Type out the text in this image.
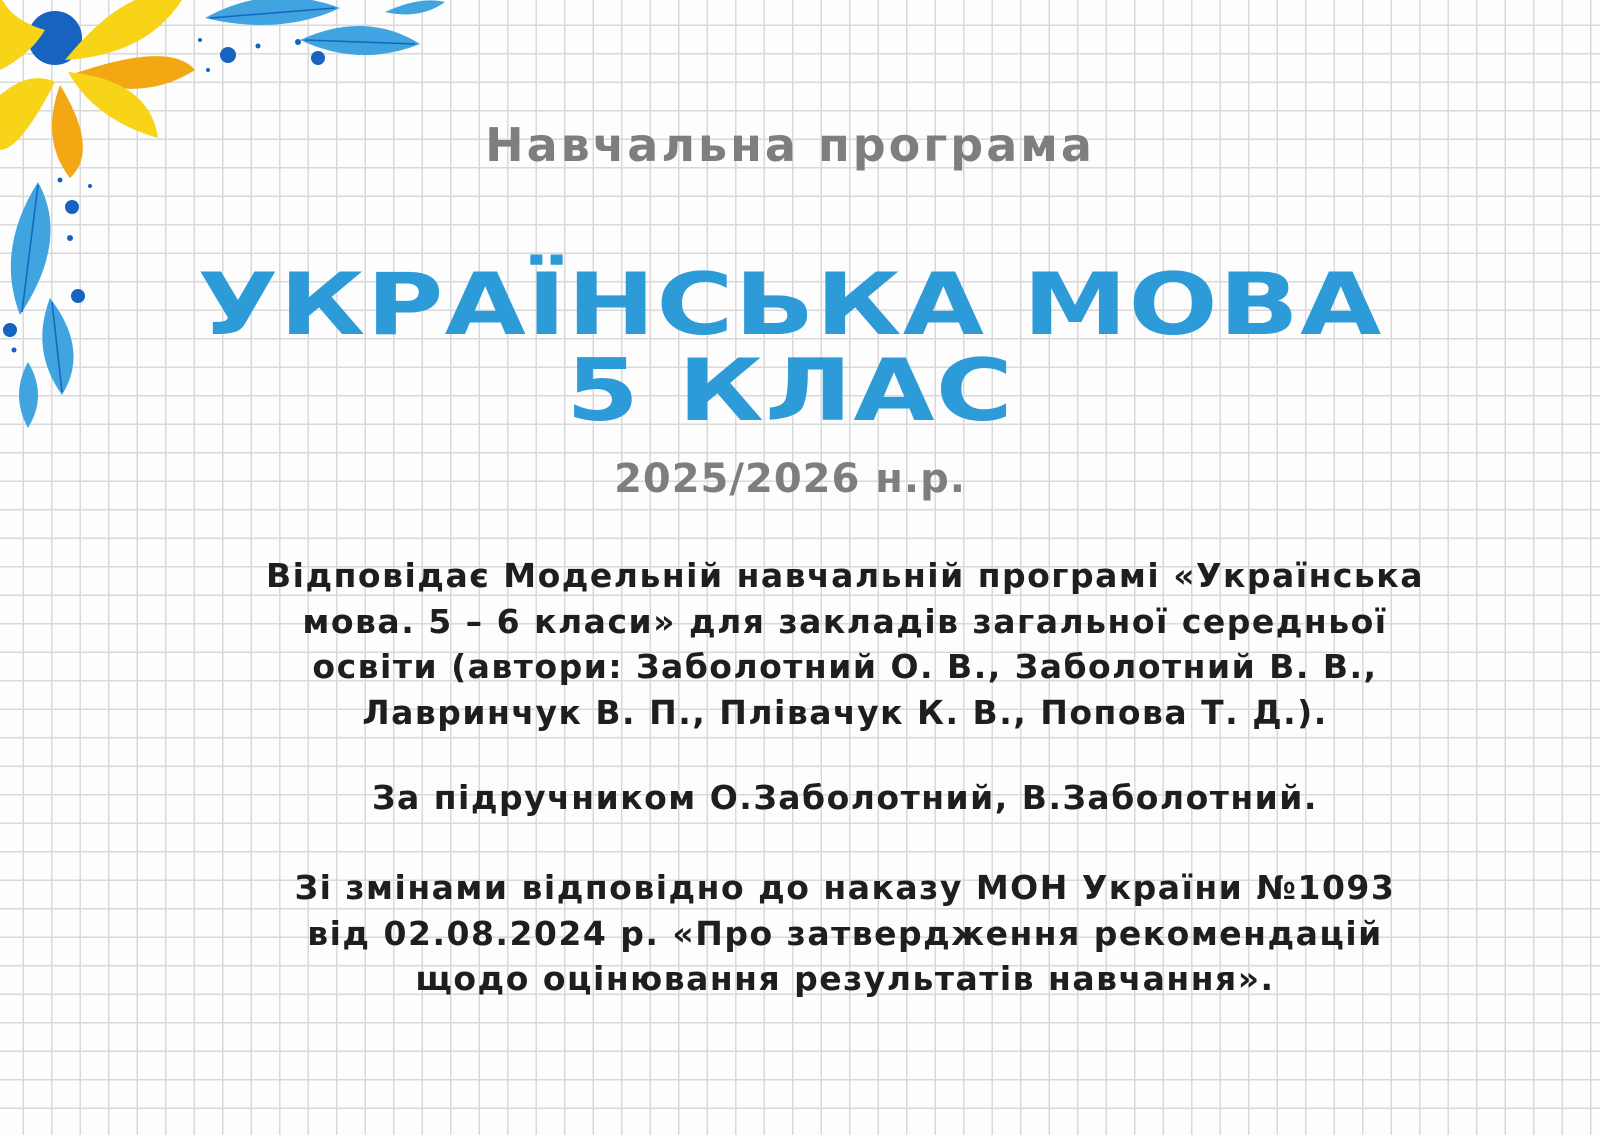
Навчальна програма
УКРАЇНСЬКА МОВА
5 КЛАС
2025/2026 н.р.
Відповідає Модельній навчальній програмі «Українська
мова. 5 – 6 класи» для закладів загальної середньої
освіти (автори: Заболотний О. В., Заболотний В. В.,
Лавринчук В. П., Плівачук К. В., Попова Т. Д.).
За підручником О.Заболотний, В.Заболотний.
Зі змінами відповідно до наказу МОН України №1093
від 02.08.2024 р. «Про затвердження рекомендацій
щодо оцінювання результатів навчання».
